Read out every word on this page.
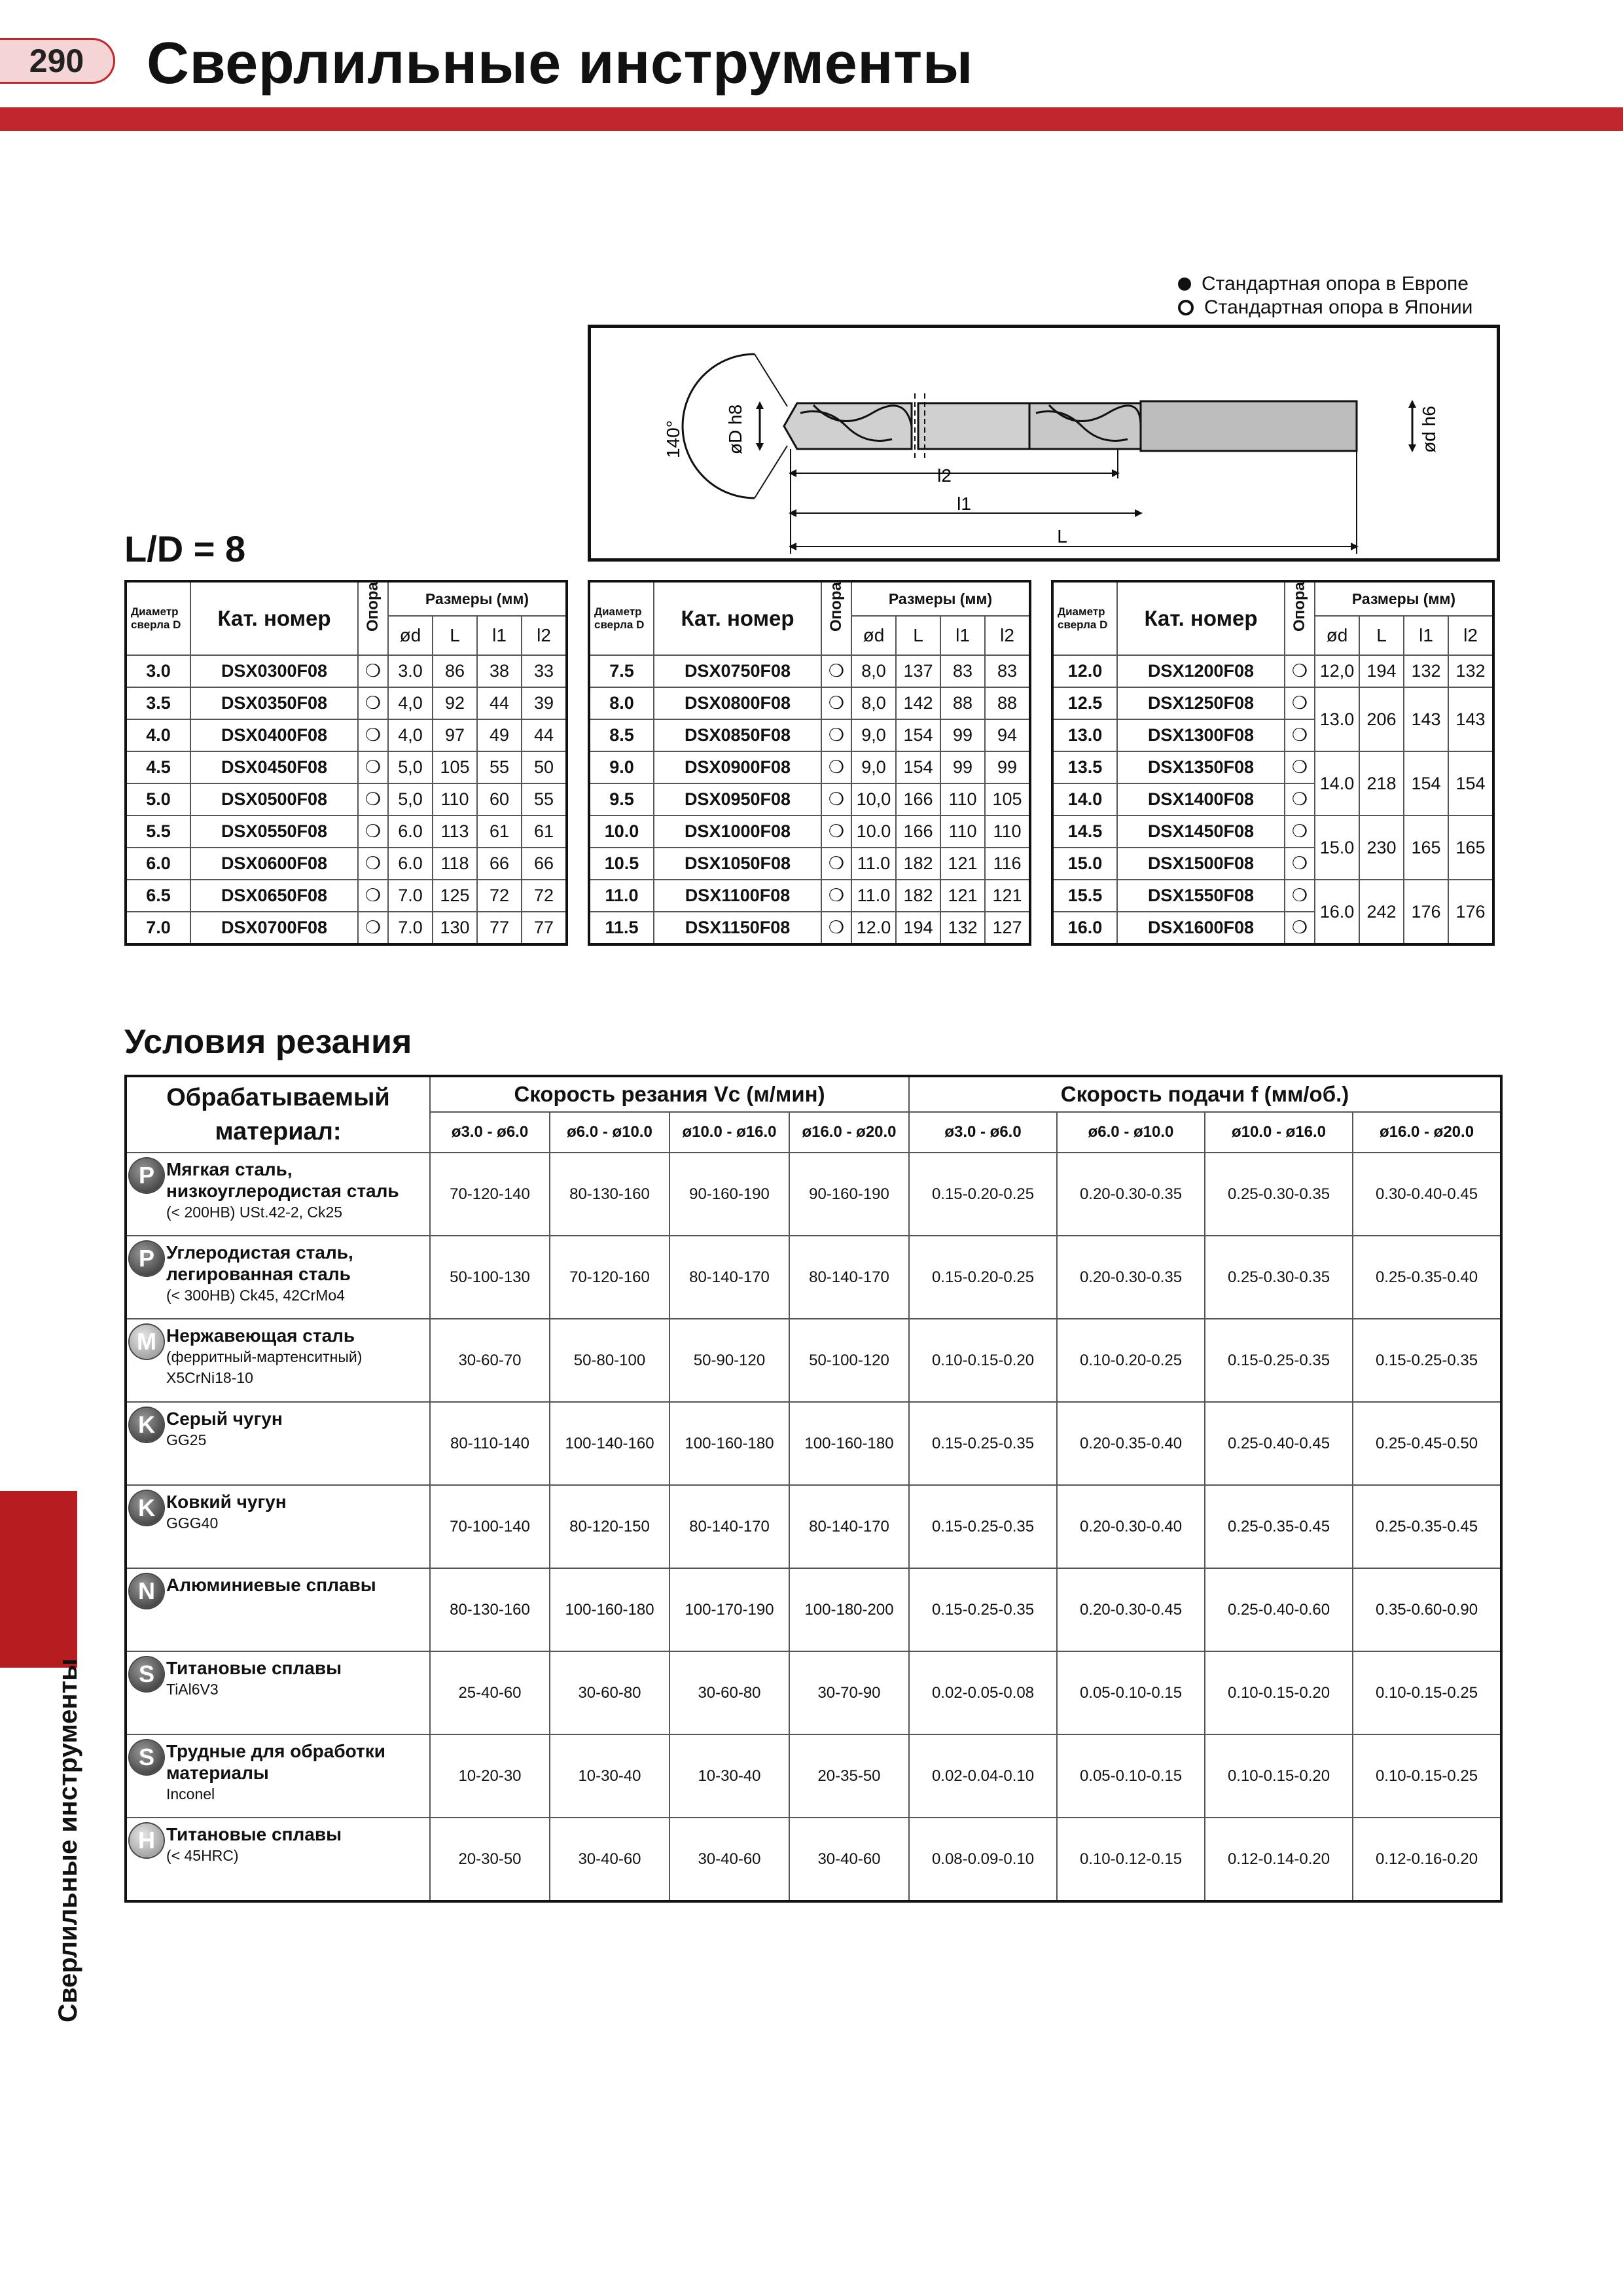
290	Сверлильные инструменты
Сверлильные инструменты
Стандартная опора в Европе
Стандартная опора в Японии
140° øD h8	ød h6
l2
l1
L
L/D = 8
Диаметр сверла D	Кат. номер	Опора	Размеры (мм)			
			ød	L	l1	l2
3.0	DSX0300F08	❍	3.0	86	38	33
3.5	DSX0350F08	❍	4,0	92	44	39
4.0	DSX0400F08	❍	4,0	97	49	44
4.5	DSX0450F08	❍	5,0	105	55	50
5.0	DSX0500F08	❍	5,0	110	60	55
5.5	DSX0550F08	❍	6.0	113	61	61
6.0	DSX0600F08	❍	6.0	118	66	66
6.5	DSX0650F08	❍	7.0	125	72	72
7.0	DSX0700F08	❍	7.0	130	77	77
Диаметр сверла D	Кат. номер	Опора	Размеры (мм)			
			ød	L	l1	l2
7.5	DSX0750F08	❍	8,0	137	83	83
8.0	DSX0800F08	❍	8,0	142	88	88
8.5	DSX0850F08	❍	9,0	154	99	94
9.0	DSX0900F08	❍	9,0	154	99	99
9.5	DSX0950F08	❍	10,0	166	110	105
10.0	DSX1000F08	❍	10.0	166	110	110
10.5	DSX1050F08	❍	11.0	182	121	116
11.0	DSX1100F08	❍	11.0	182	121	121
11.5	DSX1150F08	❍	12.0	194	132	127
Диаметр сверла D	Кат. номер	Опора	Размеры (мм)			
			ød	L	l1	l2
12.0	DSX1200F08	❍	12,0	194	132	132
12.5	DSX1250F08	❍	13.0	206	143	143
13.0	DSX1300F08	❍				
13.5	DSX1350F08	❍	14.0	218	154	154
14.0	DSX1400F08	❍				
14.5	DSX1450F08	❍	15.0	230	165	165
15.0	DSX1500F08	❍				
15.5	DSX1550F08	❍	16.0	242	176	176
16.0	DSX1600F08	❍				
Условия резания
Обрабатываемый материал:	Скорость резания Vc (м/мин)				Скорость подачи f (мм/об.)			
	ø3.0 - ø6.0	ø6.0 - ø10.0	ø10.0 - ø16.0	ø16.0 - ø20.0	ø3.0 - ø6.0	ø6.0 - ø10.0	ø10.0 - ø16.0	ø16.0 - ø20.0

P Мягкая сталь, низкоуглеродистая сталь
(< 200HB) USt.42-2, Ck25	70-120-140	80-130-160	90-160-190	90-160-190	0.15-0.20-0.25	0.20-0.30-0.35	0.25-0.30-0.35	0.30-0.40-0.45

P Углеродистая сталь, легированная сталь
(< 300HB) Ck45, 42CrMo4	50-100-130	70-120-160	80-140-170	80-140-170	0.15-0.20-0.25	0.20-0.30-0.35	0.25-0.30-0.35	0.25-0.35-0.40

M Нержавеющая сталь
(ферритный-мартенситный) X5CrNi18-10	30-60-70	50-80-100	50-90-120	50-100-120	0.10-0.15-0.20	0.10-0.20-0.25	0.15-0.25-0.35	0.15-0.25-0.35

K Серый чугун
GG25	80-110-140	100-140-160	100-160-180	100-160-180	0.15-0.25-0.35	0.20-0.35-0.40	0.25-0.40-0.45	0.25-0.45-0.50

K Ковкий чугун
GGG40	70-100-140	80-120-150	80-140-170	80-140-170	0.15-0.25-0.35	0.20-0.30-0.40	0.25-0.35-0.45	0.25-0.35-0.45

N Алюминиевые сплавы	80-130-160	100-160-180	100-170-190	100-180-200	0.15-0.25-0.35	0.20-0.30-0.45	0.25-0.40-0.60	0.35-0.60-0.90

S Титановые сплавы
TiAl6V3	25-40-60	30-60-80	30-60-80	30-70-90	0.02-0.05-0.08	0.05-0.10-0.15	0.10-0.15-0.20	0.10-0.15-0.25

S Трудные для обработки материалы
Inconel	10-20-30	10-30-40	10-30-40	20-35-50	0.02-0.04-0.10	0.05-0.10-0.15	0.10-0.15-0.20	0.10-0.15-0.25

H Титановые сплавы
(< 45HRC)	20-30-50	30-40-60	30-40-60	30-40-60	0.08-0.09-0.10	0.10-0.12-0.15	0.12-0.14-0.20	0.12-0.16-0.20
